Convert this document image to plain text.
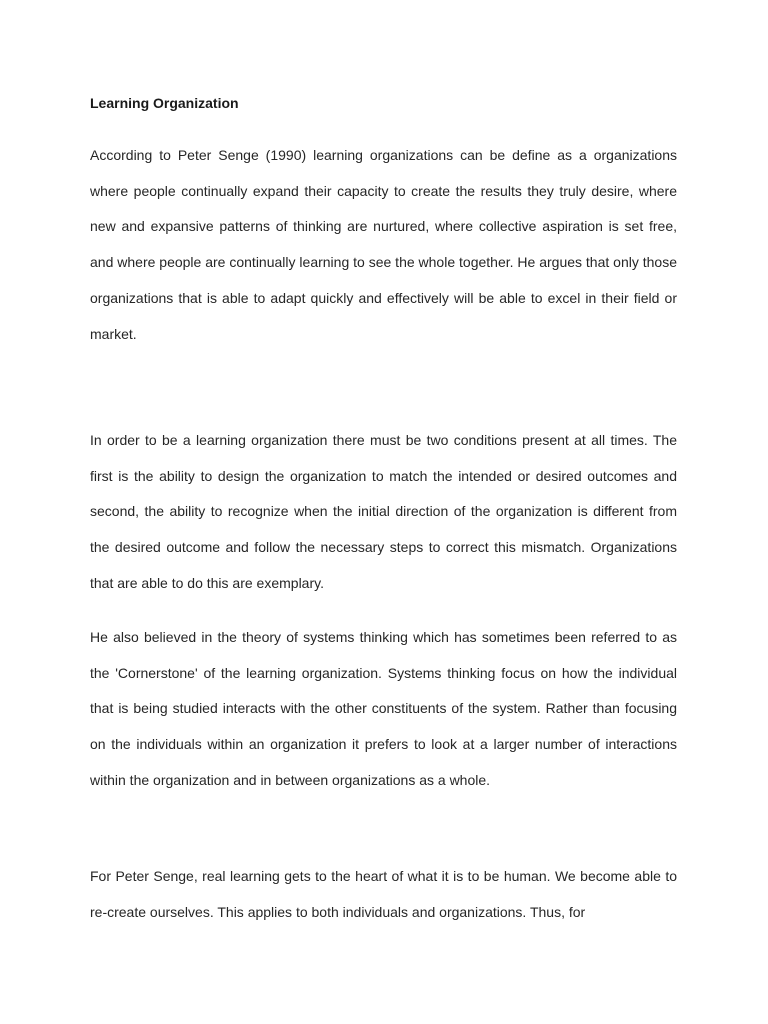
Learning Organization

According to Peter Senge (1990) learning organizations can be define as a organizations where people continually expand their capacity to create the results they truly desire, where new and expansive patterns of thinking are nurtured, where collective aspiration is set free, and where people are continually learning to see the whole together. He argues that only those organizations that is able to adapt quickly and effectively will be able to excel in their field or market.

In order to be a learning organization there must be two conditions present at all times. The first is the ability to design the organization to match the intended or desired outcomes and second, the ability to recognize when the initial direction of the organization is different from the desired outcome and follow the necessary steps to correct this mismatch. Organizations that are able to do this are exemplary.

He also believed in the theory of systems thinking which has sometimes been referred to as the 'Cornerstone' of the learning organization. Systems thinking focus on how the individual that is being studied interacts with the other constituents of the system. Rather than focusing on the individuals within an organization it prefers to look at a larger number of interactions within the organization and in between organizations as a whole.

For Peter Senge, real learning gets to the heart of what it is to be human. We become able to re-create ourselves. This applies to both individuals and organizations. Thus, for
